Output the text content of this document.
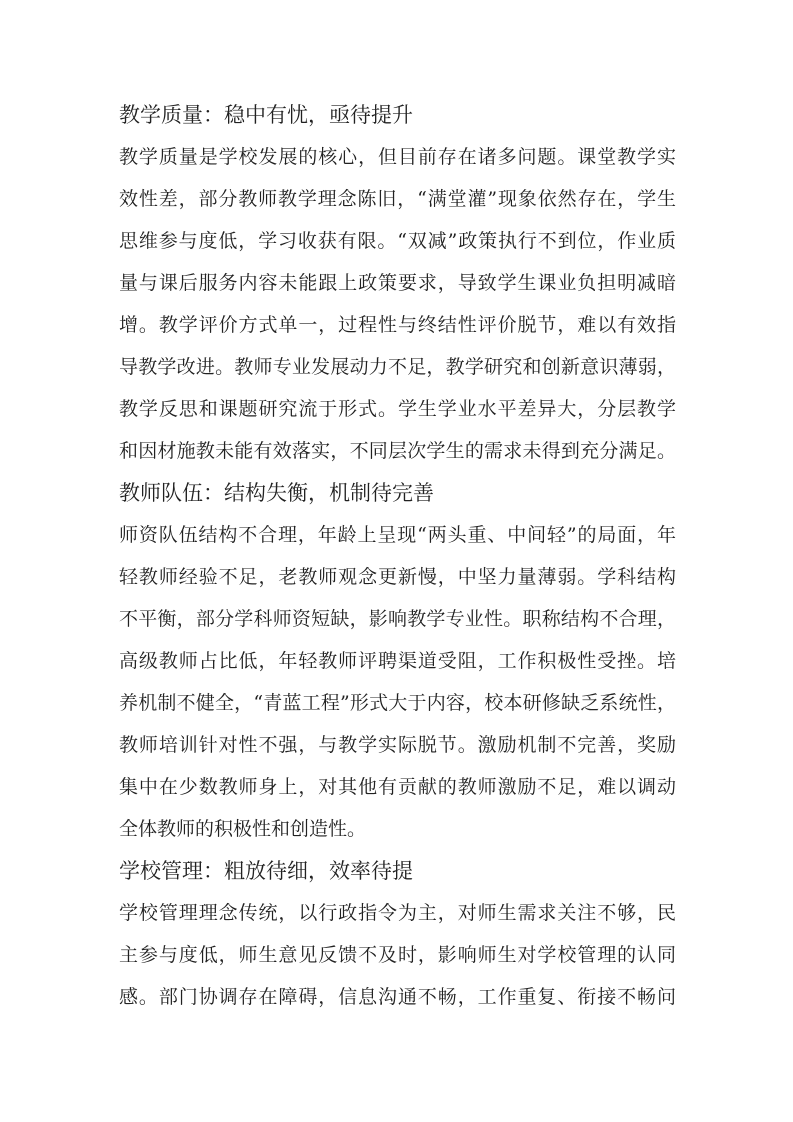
教学质量：稳中有忧，亟待提升
教学质量是学校发展的核心，但目前存在诸多问题。课堂教学实
效性差，部分教师教学理念陈旧，“满堂灌”现象依然存在，学生
思维参与度低，学习收获有限。“双减”政策执行不到位，作业质
量与课后服务内容未能跟上政策要求，导致学生课业负担明减暗
增。教学评价方式单一，过程性与终结性评价脱节，难以有效指
导教学改进。教师专业发展动力不足，教学研究和创新意识薄弱，
教学反思和课题研究流于形式。学生学业水平差异大，分层教学
和因材施教未能有效落实，不同层次学生的需求未得到充分满足。
教师队伍：结构失衡，机制待完善
师资队伍结构不合理，年龄上呈现“两头重、中间轻”的局面，年
轻教师经验不足，老教师观念更新慢，中坚力量薄弱。学科结构
不平衡，部分学科师资短缺，影响教学专业性。职称结构不合理，
高级教师占比低，年轻教师评聘渠道受阻，工作积极性受挫。培
养机制不健全，“青蓝工程”形式大于内容，校本研修缺乏系统性，
教师培训针对性不强，与教学实际脱节。激励机制不完善，奖励
集中在少数教师身上，对其他有贡献的教师激励不足，难以调动
全体教师的积极性和创造性。
学校管理：粗放待细，效率待提
学校管理理念传统，以行政指令为主，对师生需求关注不够，民
主参与度低，师生意见反馈不及时，影响师生对学校管理的认同
感。部门协调存在障碍，信息沟通不畅，工作重复、衔接不畅问
